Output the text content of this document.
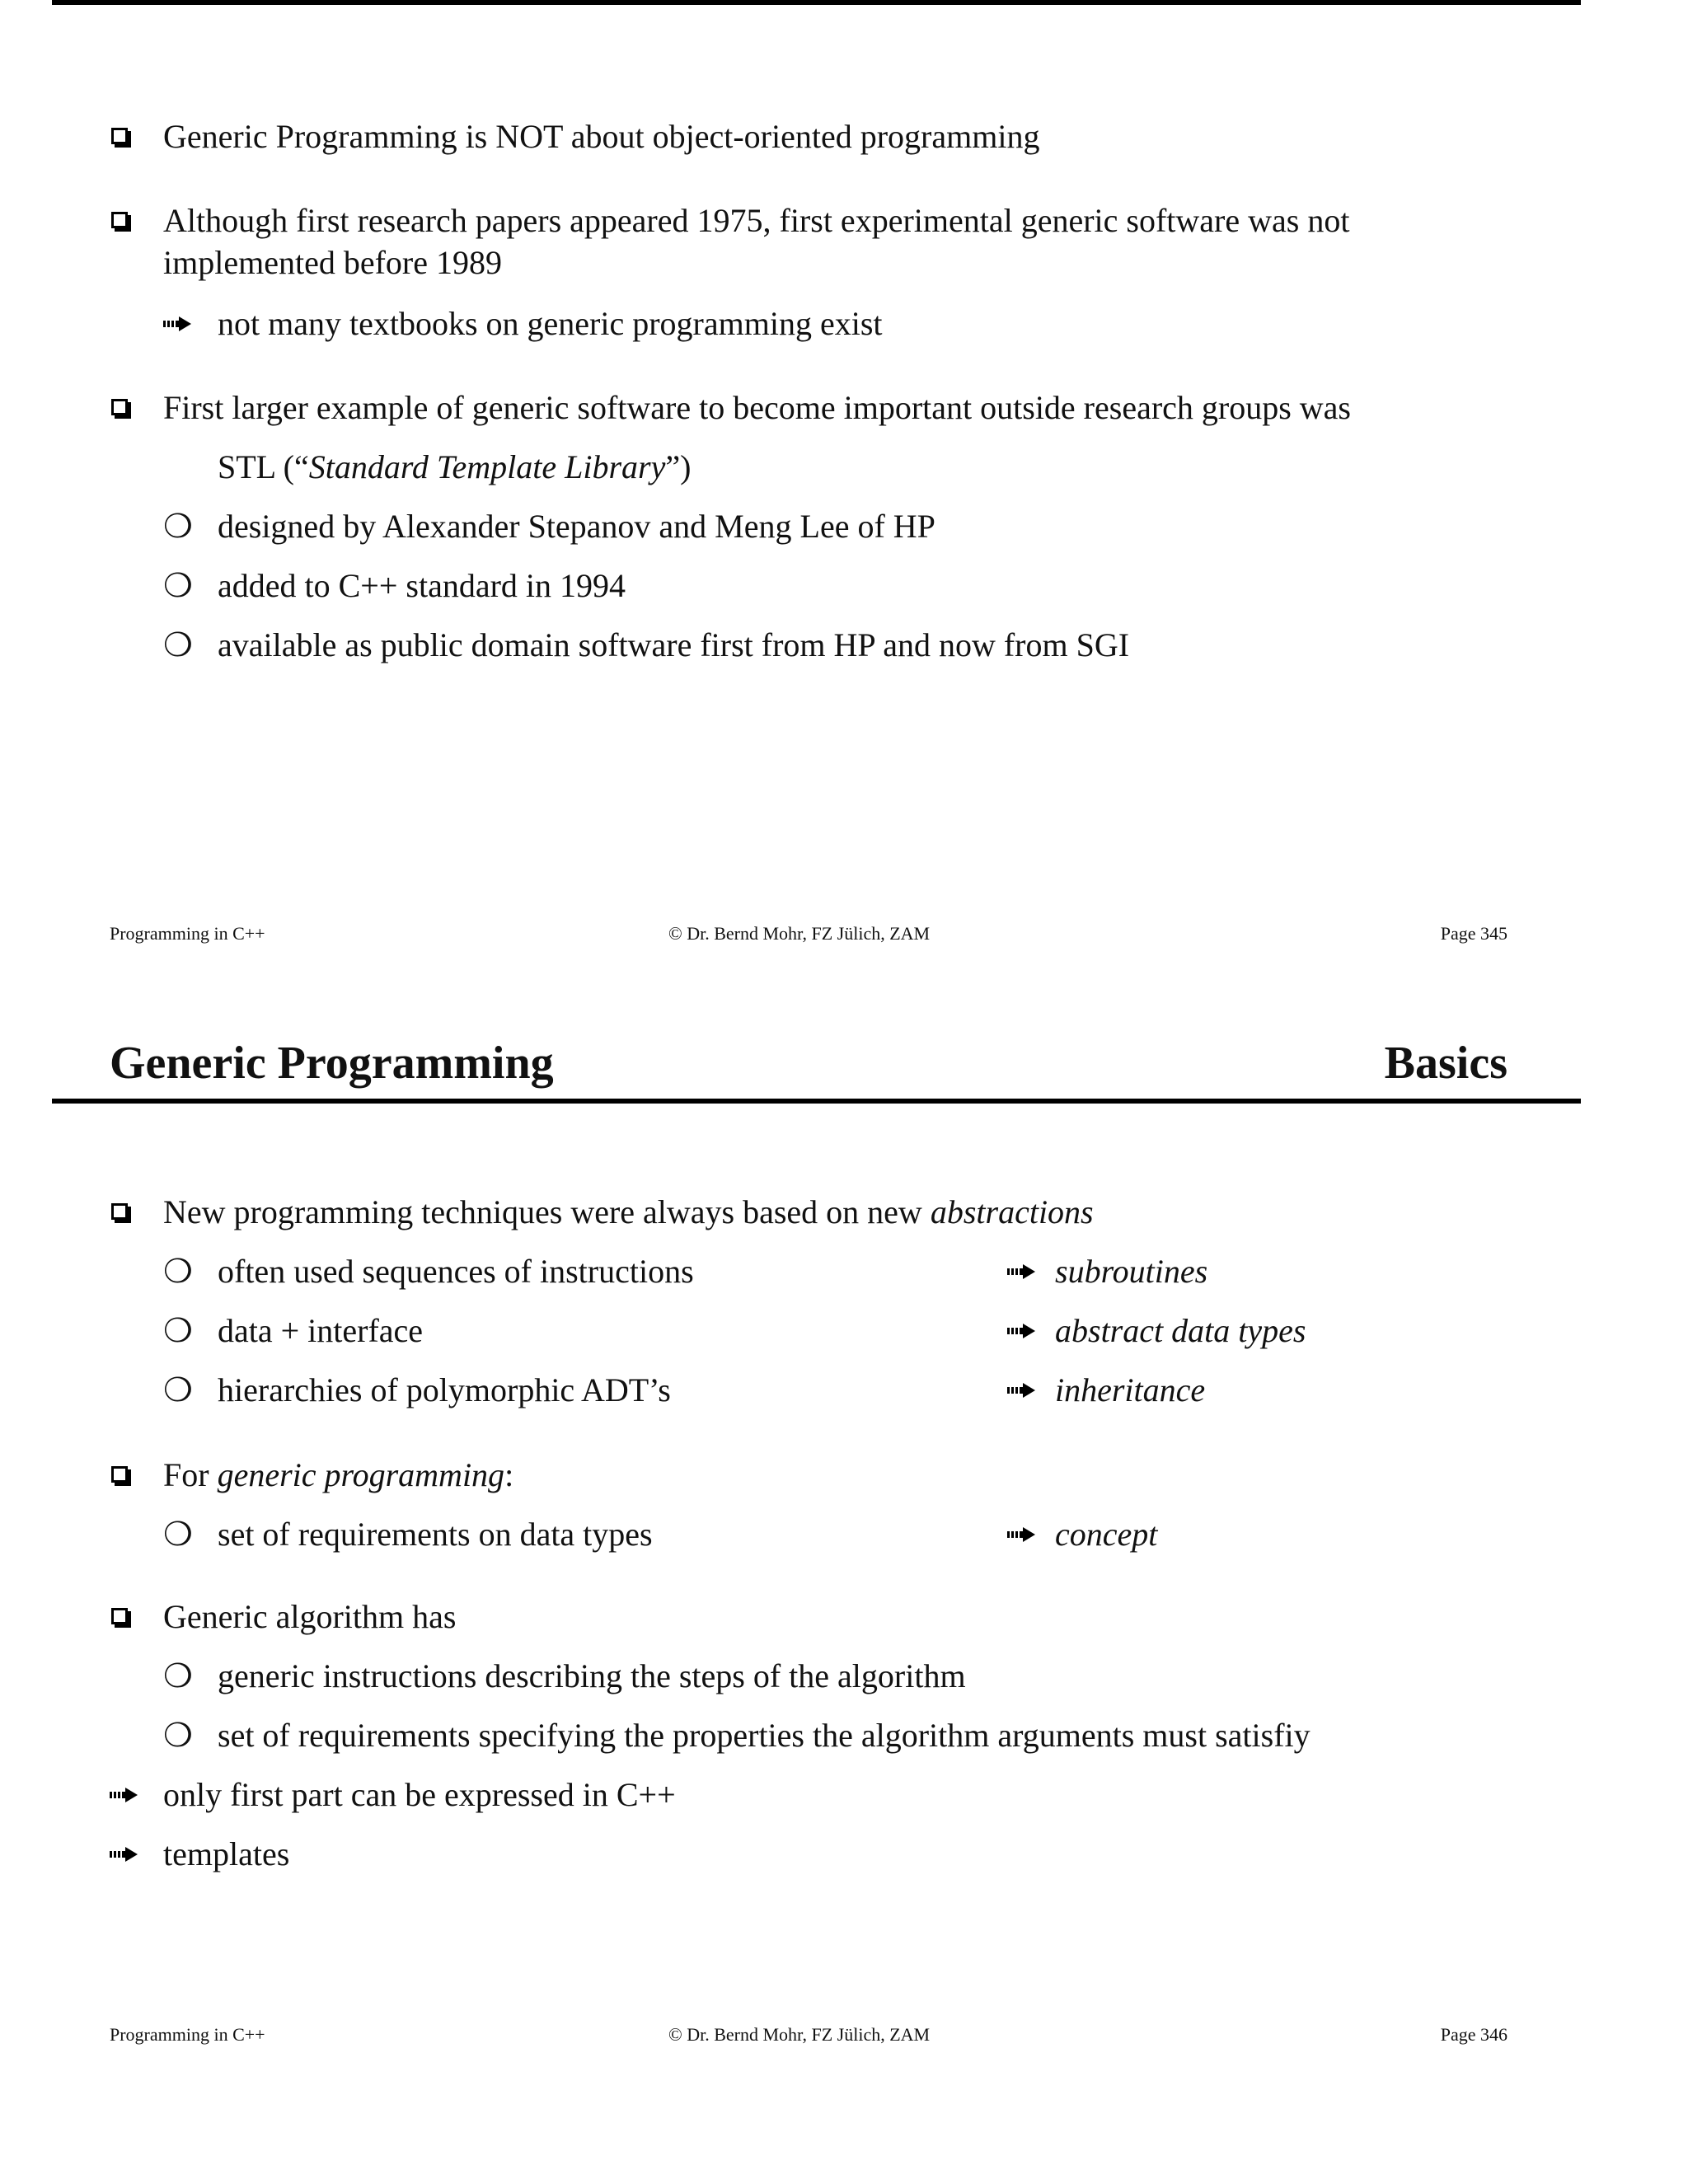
Generic Programming is NOT about object-oriented programming
Although first research papers appeared 1975, first experimental generic software was not
implemented before 1989
not many textbooks on generic programming exist
First larger example of generic software to become important outside research groups was
STL (“Standard Template Library”)
❍ designed by Alexander Stepanov and Meng Lee of HP
❍ added to C++ standard in 1994
❍ available as public domain software first from HP and now from SGI
Programming in C++	© Dr. Bernd Mohr, FZ Jülich, ZAM	Page 345
Generic Programming	Basics
New programming techniques were always based on new abstractions
❍ often used sequences of instructions	subroutines
❍ data + interface	abstract data types
❍ hierarchies of polymorphic ADT’s	inheritance
For generic programming:
❍ set of requirements on data types	concept
Generic algorithm has
❍ generic instructions describing the steps of the algorithm
❍ set of requirements specifying the properties the algorithm arguments must satisfiy
only first part can be expressed in C++
templates
Programming in C++	© Dr. Bernd Mohr, FZ Jülich, ZAM	Page 346
